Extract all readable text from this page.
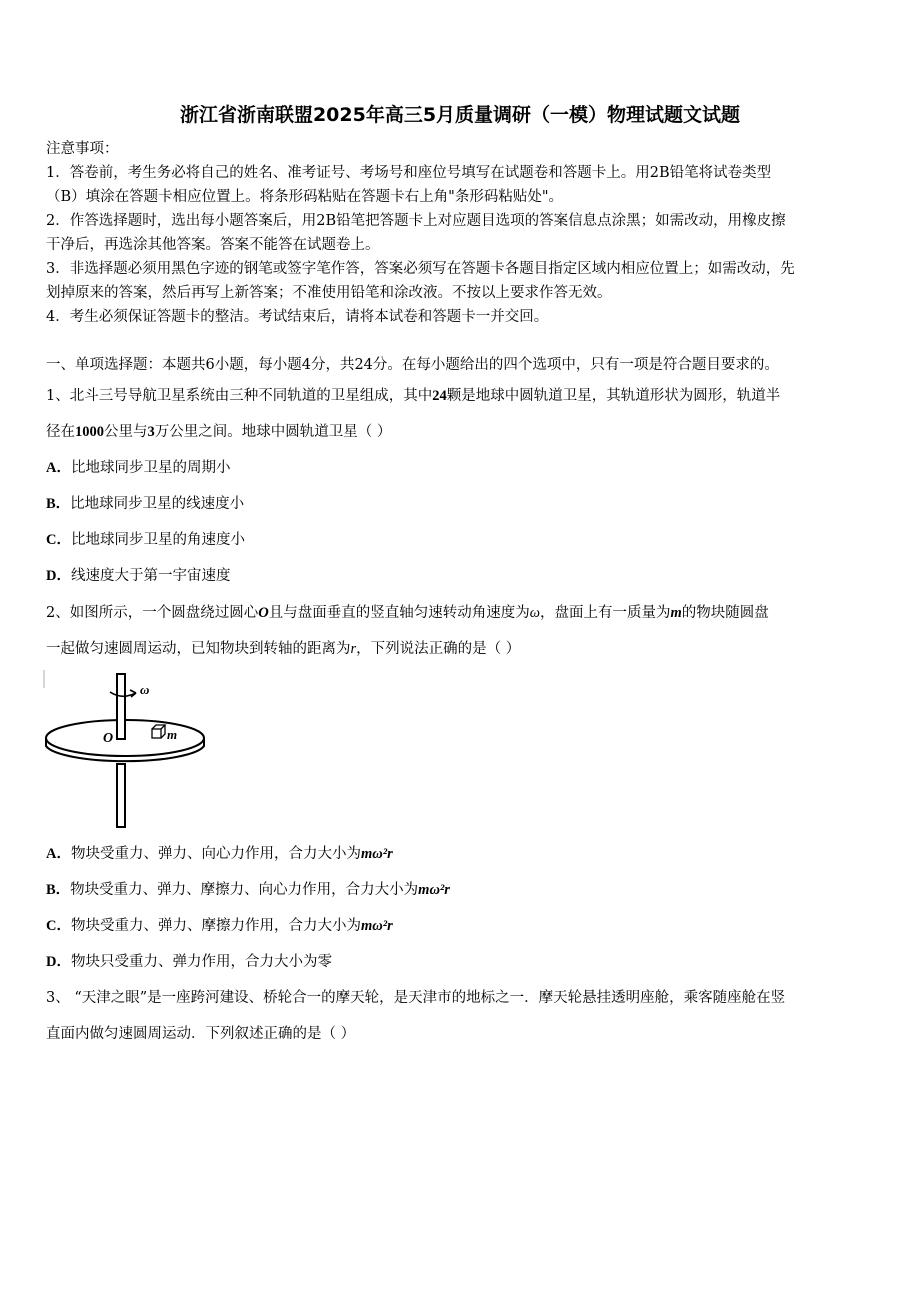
浙江省浙南联盟2025年高三5月质量调研（一模）物理试题文试题
注意事项：
1．答卷前，考生务必将自己的姓名、准考证号、考场号和座位号填写在试题卷和答题卡上。用2B铅笔将试卷类型
（B）填涂在答题卡相应位置上。将条形码粘贴在答题卡右上角"条形码粘贴处"。
2．作答选择题时，选出每小题答案后，用2B铅笔把答题卡上对应题目选项的答案信息点涂黑；如需改动，用橡皮擦
干净后，再选涂其他答案。答案不能答在试题卷上。
3．非选择题必须用黑色字迹的钢笔或签字笔作答，答案必须写在答题卡各题目指定区域内相应位置上；如需改动，先
划掉原来的答案，然后再写上新答案；不准使用铅笔和涂改液。不按以上要求作答无效。
4．考生必须保证答题卡的整洁。考试结束后，请将本试卷和答题卡一并交回。
一、单项选择题：本题共6小题，每小题4分，共24分。在每小题给出的四个选项中，只有一项是符合题目要求的。
1、北斗三号导航卫星系统由三种不同轨道的卫星组成，其中24颗是地球中圆轨道卫星，其轨道形状为圆形，轨道半
径在1000公里与3万公里之间。地球中圆轨道卫星（ ）
A．比地球同步卫星的周期小
B．比地球同步卫星的线速度小
C．比地球同步卫星的角速度小
D．线速度大于第一宇宙速度
2、如图所示，一个圆盘绕过圆心O且与盘面垂直的竖直轴匀速转动角速度为ω，盘面上有一质量为m的物块随圆盘
一起做匀速圆周运动，已知物块到转轴的距离为r，下列说法正确的是（ ）
ω
O	m
A．物块受重力、弹力、向心力作用，合力大小为mω²r
B．物块受重力、弹力、摩擦力、向心力作用，合力大小为mω²r
C．物块受重力、弹力、摩擦力作用，合力大小为mω²r
D．物块只受重力、弹力作用，合力大小为零
3、 “天津之眼”是一座跨河建设、桥轮合一的摩天轮，是天津市的地标之一．摩天轮悬挂透明座舱，乘客随座舱在竖
直面内做匀速圆周运动．下列叙述正确的是（ ）
